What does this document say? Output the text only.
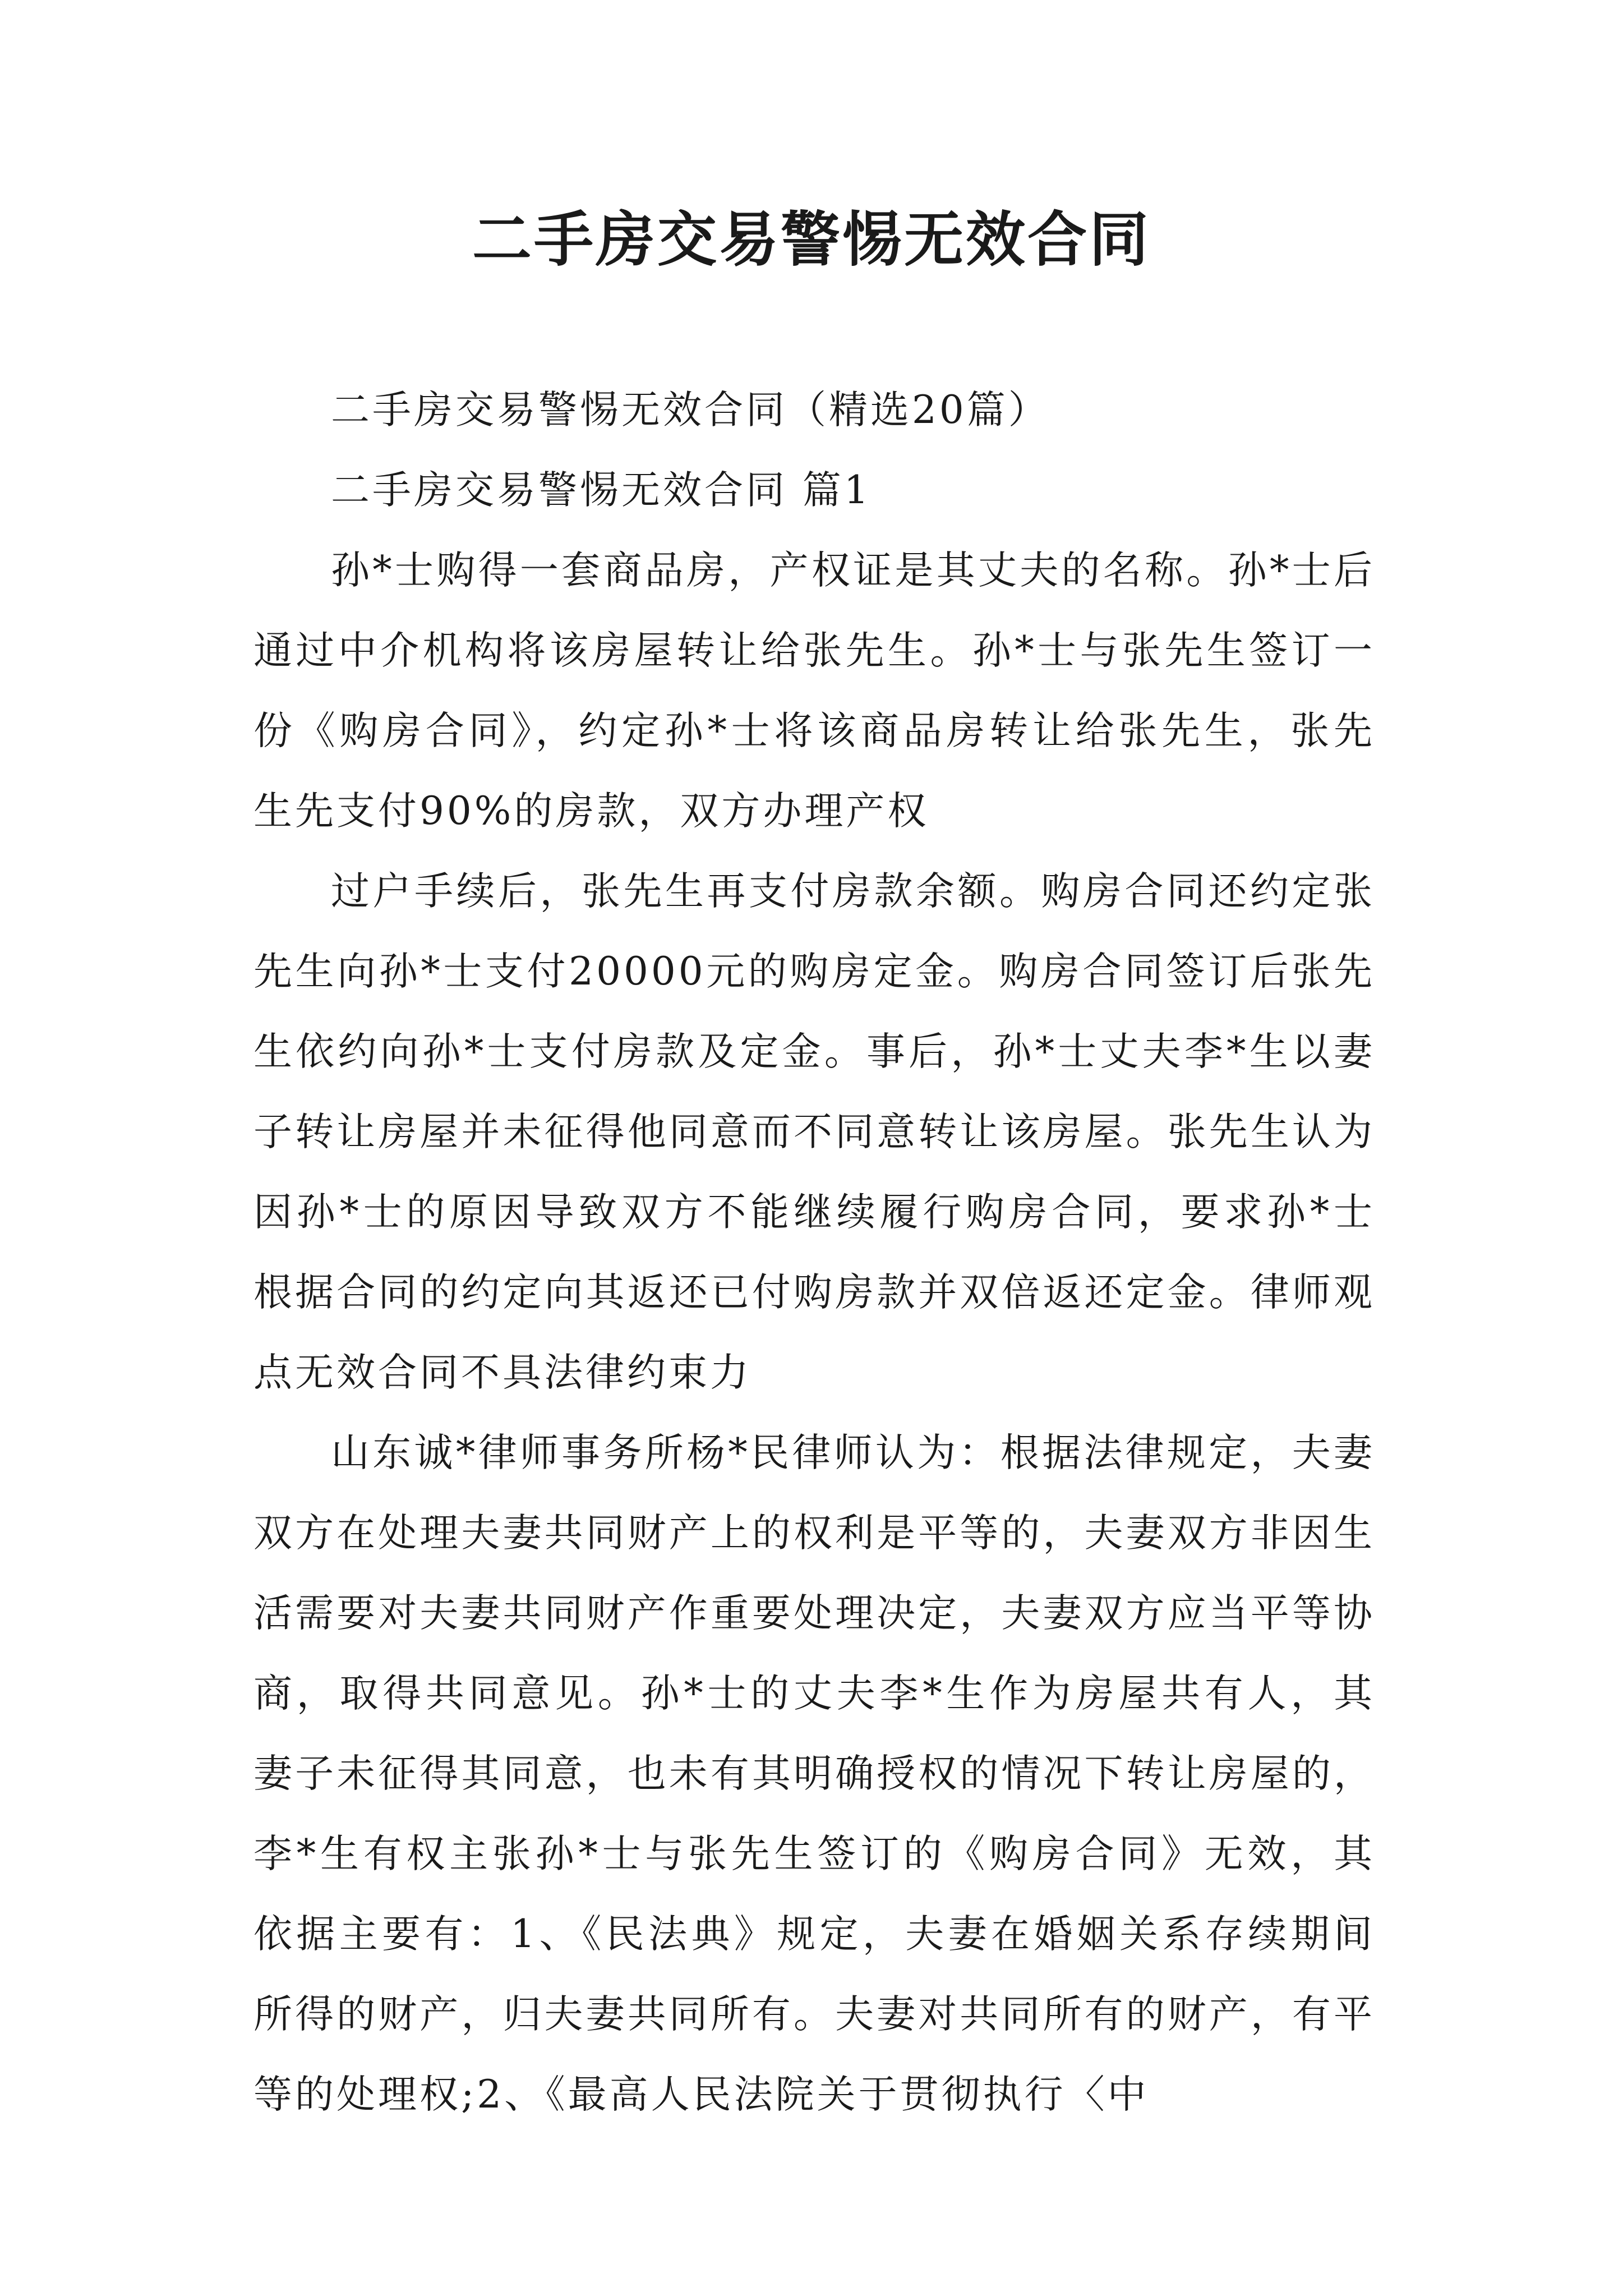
二手房交易警惕无效合同

二手房交易警惕无效合同（精选20篇）

二手房交易警惕无效合同 篇1

孙*士购得一套商品房，产权证是其丈夫的名称。孙*士后通过中介机构将该房屋转让给张先生。孙*士与张先生签订一份《购房合同》，约定孙*士将该商品房转让给张先生，张先生先支付90%的房款，双方办理产权

过户手续后，张先生再支付房款余额。购房合同还约定张先生向孙*士支付20000元的购房定金。购房合同签订后张先生依约向孙*士支付房款及定金。事后，孙*士丈夫李*生以妻子转让房屋并未征得他同意而不同意转让该房屋。张先生认为因孙*士的原因导致双方不能继续履行购房合同，要求孙*士根据合同的约定向其返还已付购房款并双倍返还定金。律师观点无效合同不具法律约束力

山东诚*律师事务所杨*民律师认为：根据法律规定，夫妻双方在处理夫妻共同财产上的权利是平等的，夫妻双方非因生活需要对夫妻共同财产作重要处理决定，夫妻双方应当平等协商，取得共同意见。孙*士的丈夫李*生作为房屋共有人，其妻子未征得其同意，也未有其明确授权的情况下转让房屋的，李*生有权主张孙*士与张先生签订的《购房合同》无效，其依据主要有：1、《民法典》规定，夫妻在婚姻关系存续期间所得的财产，归夫妻共同所有。夫妻对共同所有的财产，有平等的处理权;2、《最高人民法院关于贯彻执行〈中
